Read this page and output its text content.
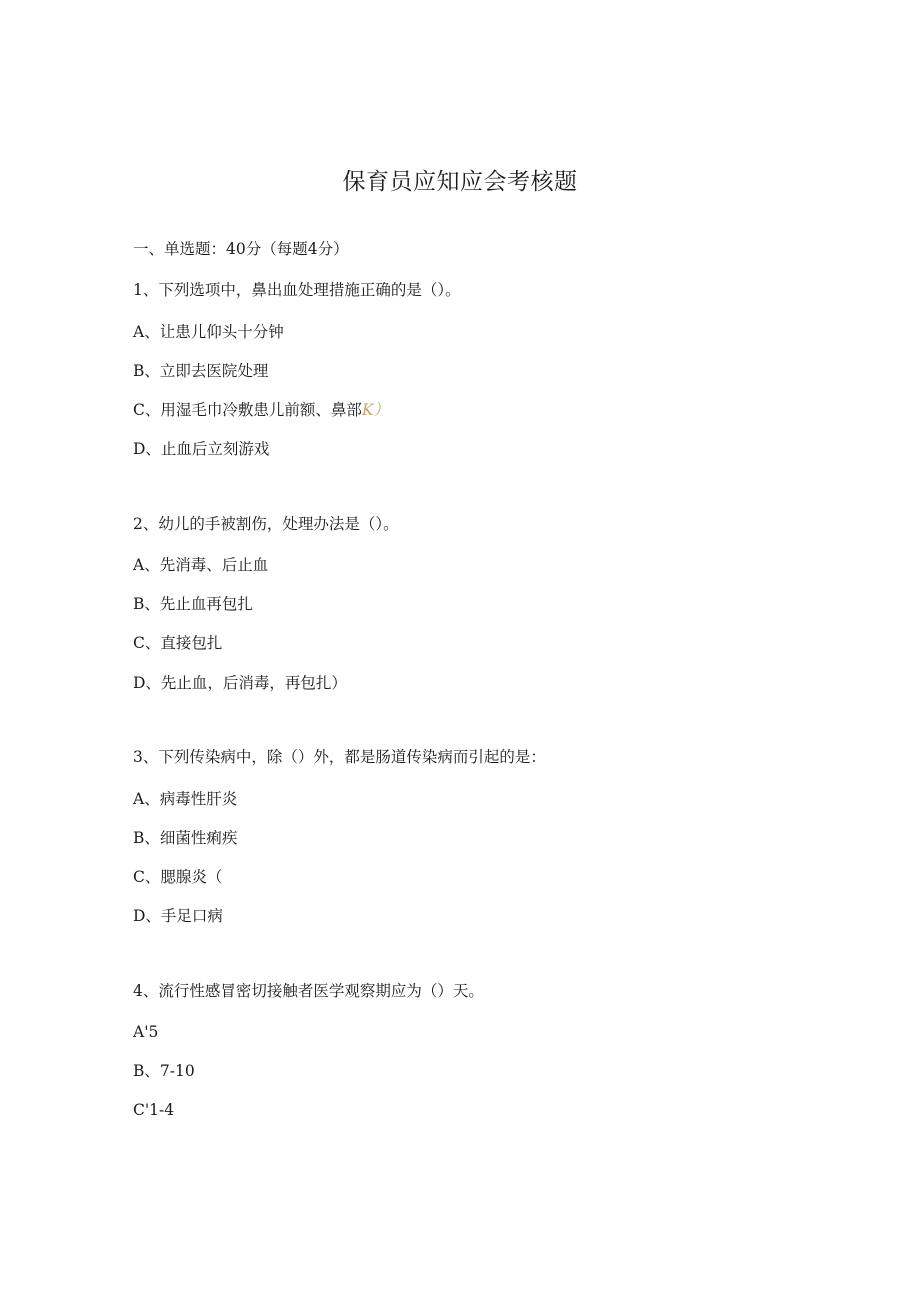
保育员应知应会考核题
一、单选题：40分（每题4分）
1、下列选项中，鼻出血处理措施正确的是（）。
A、让患儿仰头十分钟
B、立即去医院处理
C、用湿毛巾冷敷患儿前额、鼻部K）
D、止血后立刻游戏
2、幼儿的手被割伤，处理办法是（）。
A、先消毒、后止血
B、先止血再包扎
C、直接包扎
D、先止血，后消毒，再包扎）
3、下列传染病中，除（）外，都是肠道传染病而引起的是：
A、病毒性肝炎
B、细菌性痢疾
C、腮腺炎（
D、手足口病
4、流行性感冒密切接触者医学观察期应为（）天。
A'5
B、7-10
C'1-4
